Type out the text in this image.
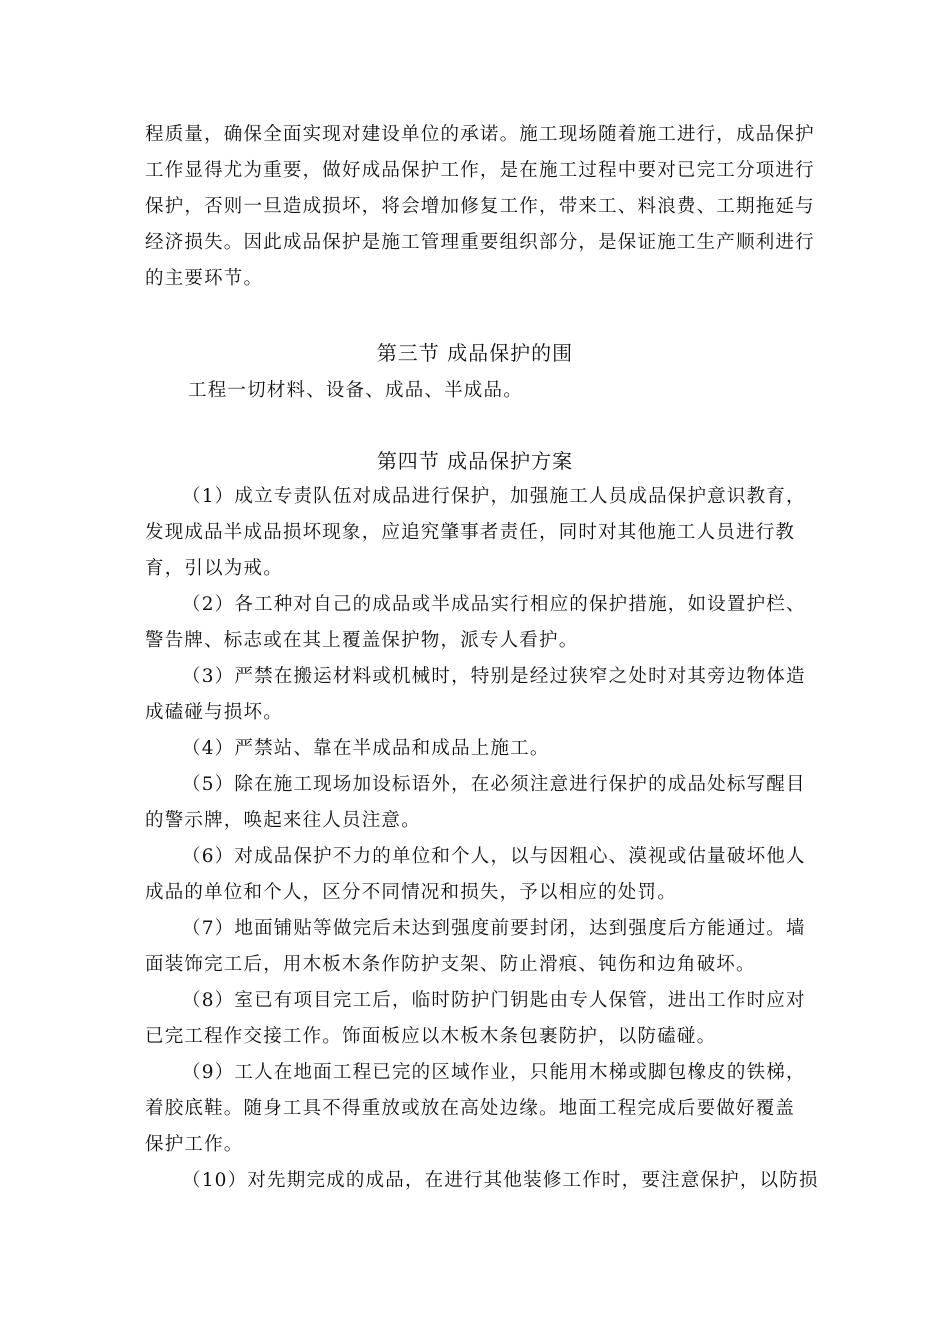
程质量，确保全面实现对建设单位的承诺。施工现场随着施工进行，成品保护
工作显得尤为重要，做好成品保护工作，是在施工过程中要对已完工分项进行
保护，否则一旦造成损坏，将会增加修复工作，带来工、料浪费、工期拖延与
经济损失。因此成品保护是施工管理重要组织部分，是保证施工生产顺利进行
的主要环节。
第三节 成品保护的围
工程一切材料、设备、成品、半成品。
第四节 成品保护方案
（1）成立专责队伍对成品进行保护，加强施工人员成品保护意识教育，
发现成品半成品损坏现象，应追究肇事者责任，同时对其他施工人员进行教
育，引以为戒。
（2）各工种对自己的成品或半成品实行相应的保护措施，如设置护栏、
警告牌、标志或在其上覆盖保护物，派专人看护。
（3）严禁在搬运材料或机械时，特别是经过狭窄之处时对其旁边物体造
成磕碰与损坏。
（4）严禁站、靠在半成品和成品上施工。
（5）除在施工现场加设标语外，在必须注意进行保护的成品处标写醒目
的警示牌，唤起来往人员注意。
（6）对成品保护不力的单位和个人，以与因粗心、漠视或估量破坏他人
成品的单位和个人，区分不同情况和损失，予以相应的处罚。
（7）地面铺贴等做完后未达到强度前要封闭，达到强度后方能通过。墙
面装饰完工后，用木板木条作防护支架、防止滑痕、钝伤和边角破坏。
（8）室已有项目完工后，临时防护门钥匙由专人保管，进出工作时应对
已完工程作交接工作。饰面板应以木板木条包裹防护，以防磕碰。
（9）工人在地面工程已完的区域作业，只能用木梯或脚包橡皮的铁梯，
着胶底鞋。随身工具不得重放或放在高处边缘。地面工程完成后要做好覆盖
保护工作。
（10）对先期完成的成品，在进行其他装修工作时，要注意保护，以防损
